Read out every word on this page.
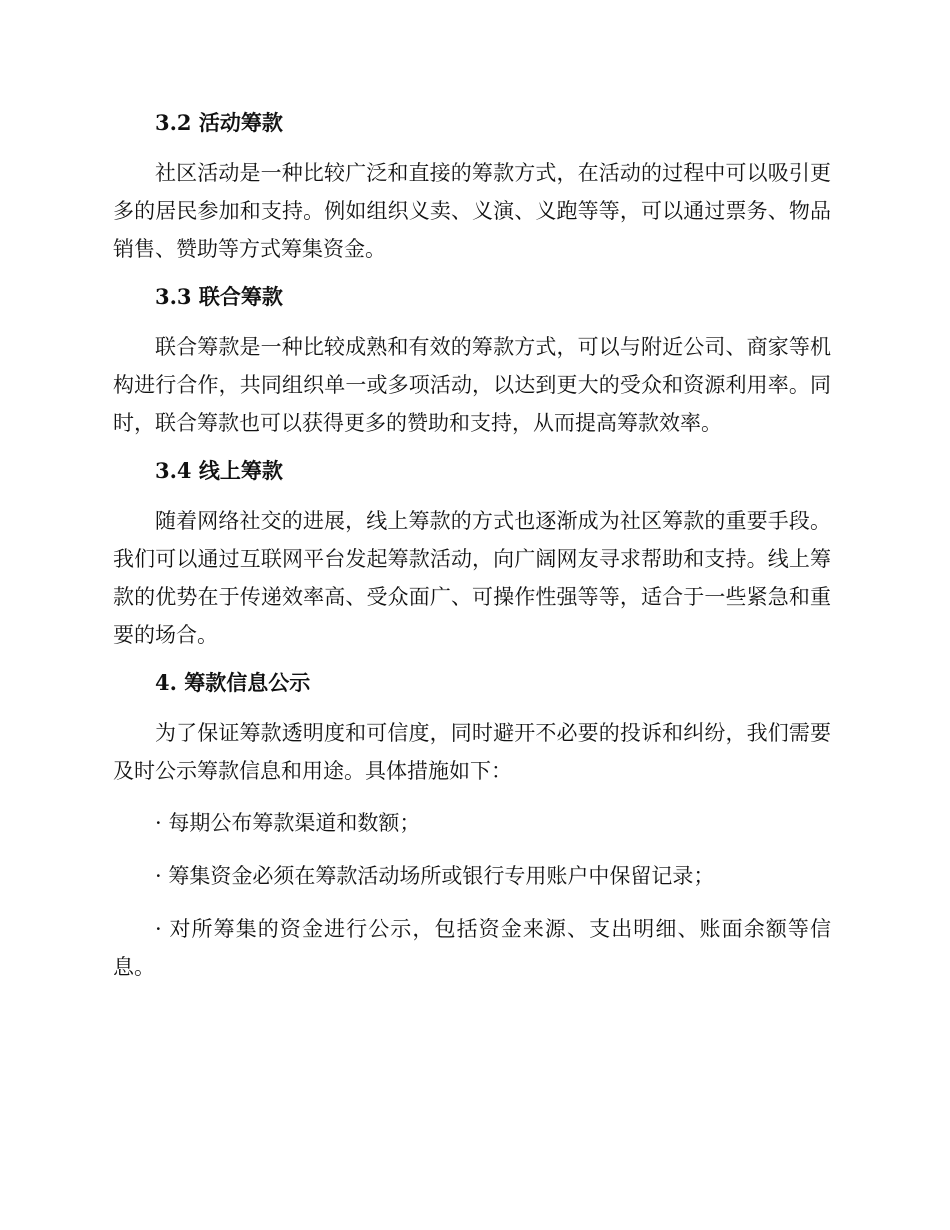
3.2 活动筹款

社区活动是一种比较广泛和直接的筹款方式，在活动的过程中可以吸引更多的居民参加和支持。例如组织义卖、义演、义跑等等，可以通过票务、物品销售、赞助等方式筹集资金。

3.3 联合筹款

联合筹款是一种比较成熟和有效的筹款方式，可以与附近公司、商家等机构进行合作，共同组织单一或多项活动，以达到更大的受众和资源利用率。同时，联合筹款也可以获得更多的赞助和支持，从而提高筹款效率。

3.4 线上筹款

随着网络社交的进展，线上筹款的方式也逐渐成为社区筹款的重要手段。我们可以通过互联网平台发起筹款活动，向广阔网友寻求帮助和支持。线上筹款的优势在于传递效率高、受众面广、可操作性强等等，适合于一些紧急和重要的场合。

4. 筹款信息公示

为了保证筹款透明度和可信度，同时避开不必要的投诉和纠纷，我们需要及时公示筹款信息和用途。具体措施如下：

· 每期公布筹款渠道和数额；

· 筹集资金必须在筹款活动场所或银行专用账户中保留记录；

· 对所筹集的资金进行公示，包括资金来源、支出明细、账面余额等信息。
